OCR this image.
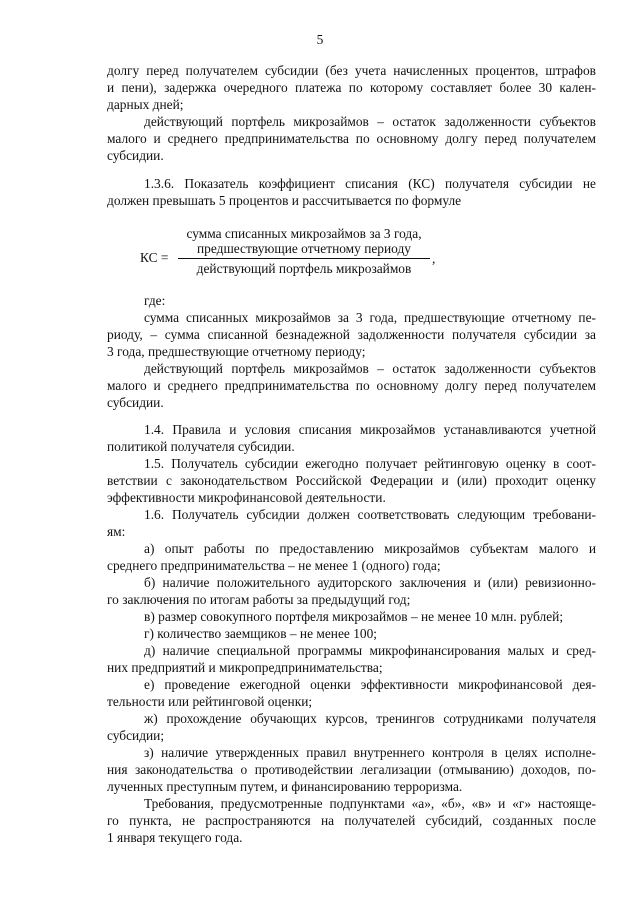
5
долгу перед получателем субсидии (без учета начисленных процентов, штрафов
и пени), задержка очередного платежа по которому составляет более 30 кален-
дарных дней;
действующий портфель микрозаймов – остаток задолженности субъектов
малого и среднего предпринимательства по основному долгу перед получателем
субсидии.
1.3.6. Показатель коэффициент списания (КС) получателя субсидии не
должен превышать 5 процентов и рассчитывается по формуле
КС =
сумма списанных микрозаймов за 3 года,
предшествующие отчетному периоду
действующий портфель микрозаймов
,
где:
сумма списанных микрозаймов за 3 года, предшествующие отчетному пе-
риоду, – сумма списанной безнадежной задолженности получателя субсидии за
3 года, предшествующие отчетному периоду;
действующий портфель микрозаймов – остаток задолженности субъектов
малого и среднего предпринимательства по основному долгу перед получателем
субсидии.
1.4. Правила и условия списания микрозаймов устанавливаются учетной
политикой получателя субсидии.
1.5. Получатель субсидии ежегодно получает рейтинговую оценку в соот-
ветствии с законодательством Российской Федерации и (или) проходит оценку
эффективности микрофинансовой деятельности.
1.6. Получатель субсидии должен соответствовать следующим требовани-
ям:
а) опыт работы по предоставлению микрозаймов субъектам малого и
среднего предпринимательства – не менее 1 (одного) года;
б) наличие положительного аудиторского заключения и (или) ревизионно-
го заключения по итогам работы за предыдущий год;
в) размер совокупного портфеля микрозаймов – не менее 10 млн. рублей;
г) количество заемщиков – не менее 100;
д) наличие специальной программы микрофинансирования малых и сред-
них предприятий и микропредпринимательства;
е) проведение ежегодной оценки эффективности микрофинансовой дея-
тельности или рейтинговой оценки;
ж) прохождение обучающих курсов, тренингов сотрудниками получателя
субсидии;
з) наличие утвержденных правил внутреннего контроля в целях исполне-
ния законодательства о противодействии легализации (отмыванию) доходов, по-
лученных преступным путем, и финансированию терроризма.
Требования, предусмотренные подпунктами «а», «б», «в» и «г» настояще-
го пункта, не распространяются на получателей субсидий, созданных после
1 января текущего года.
